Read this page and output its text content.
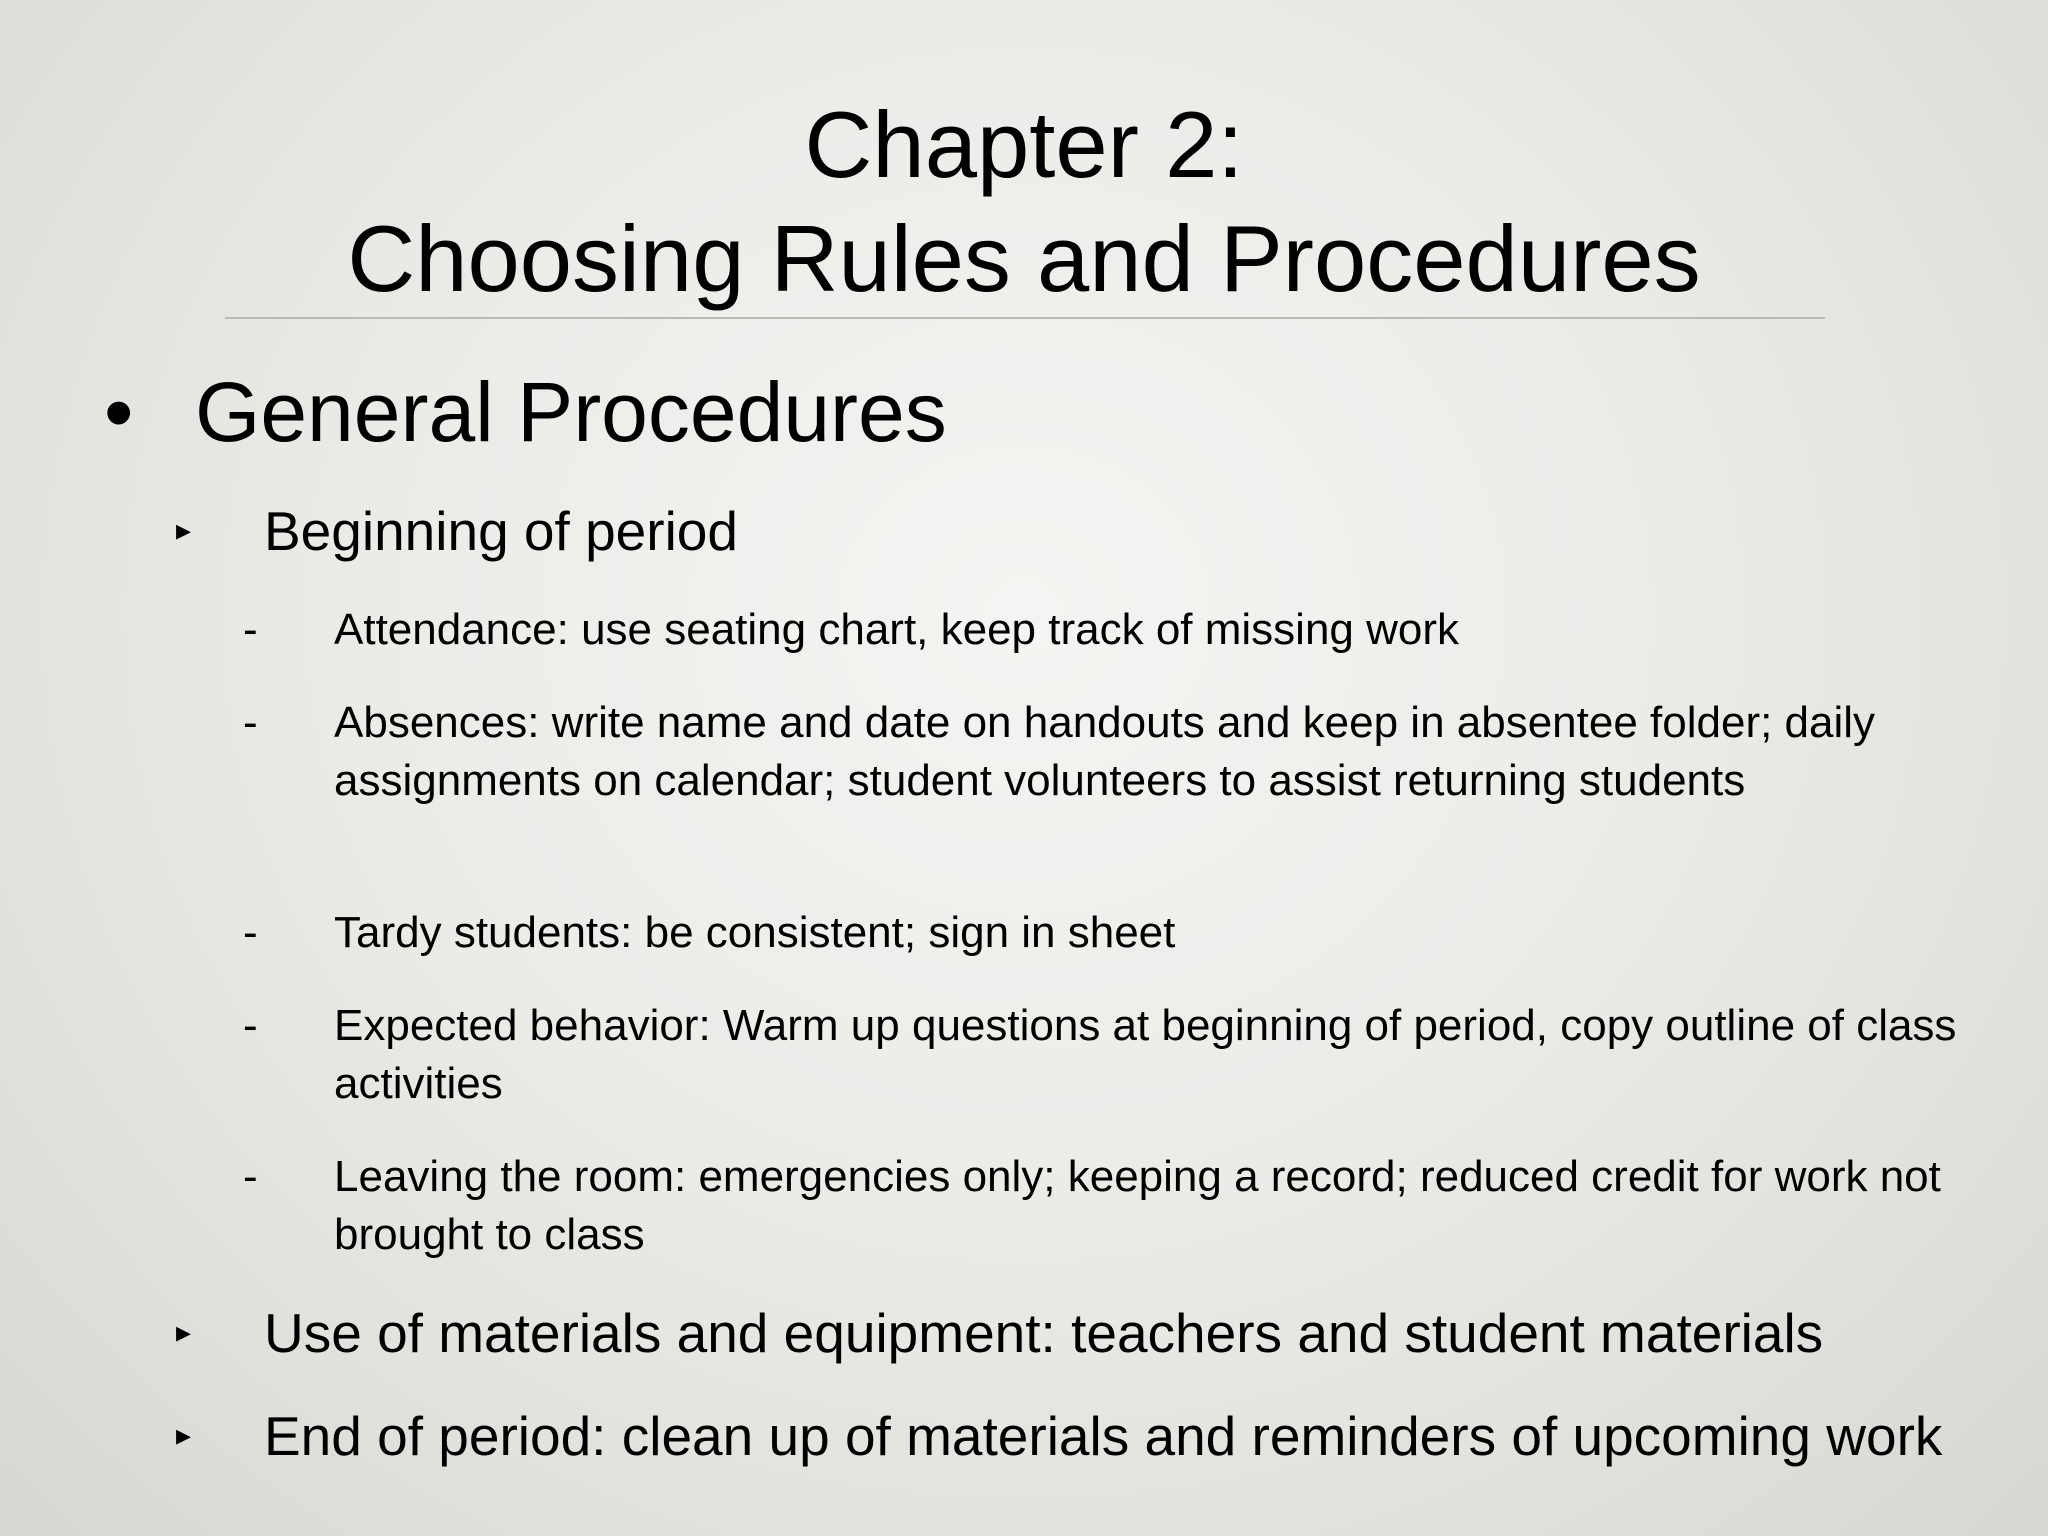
Chapter 2:
Choosing Rules and Procedures
• General Procedures
▸ Beginning of period
- Attendance: use seating chart, keep track of missing work
- Absences: write name and date on handouts and keep in absentee folder; daily assignments on calendar; student volunteers to assist returning students
- Tardy students: be consistent; sign in sheet
- Expected behavior: Warm up questions at beginning of period, copy outline of class activities
- Leaving the room: emergencies only; keeping a record; reduced credit for work not brought to class
▸ Use of materials and equipment: teachers and student materials
▸ End of period: clean up of materials and reminders of upcoming work
